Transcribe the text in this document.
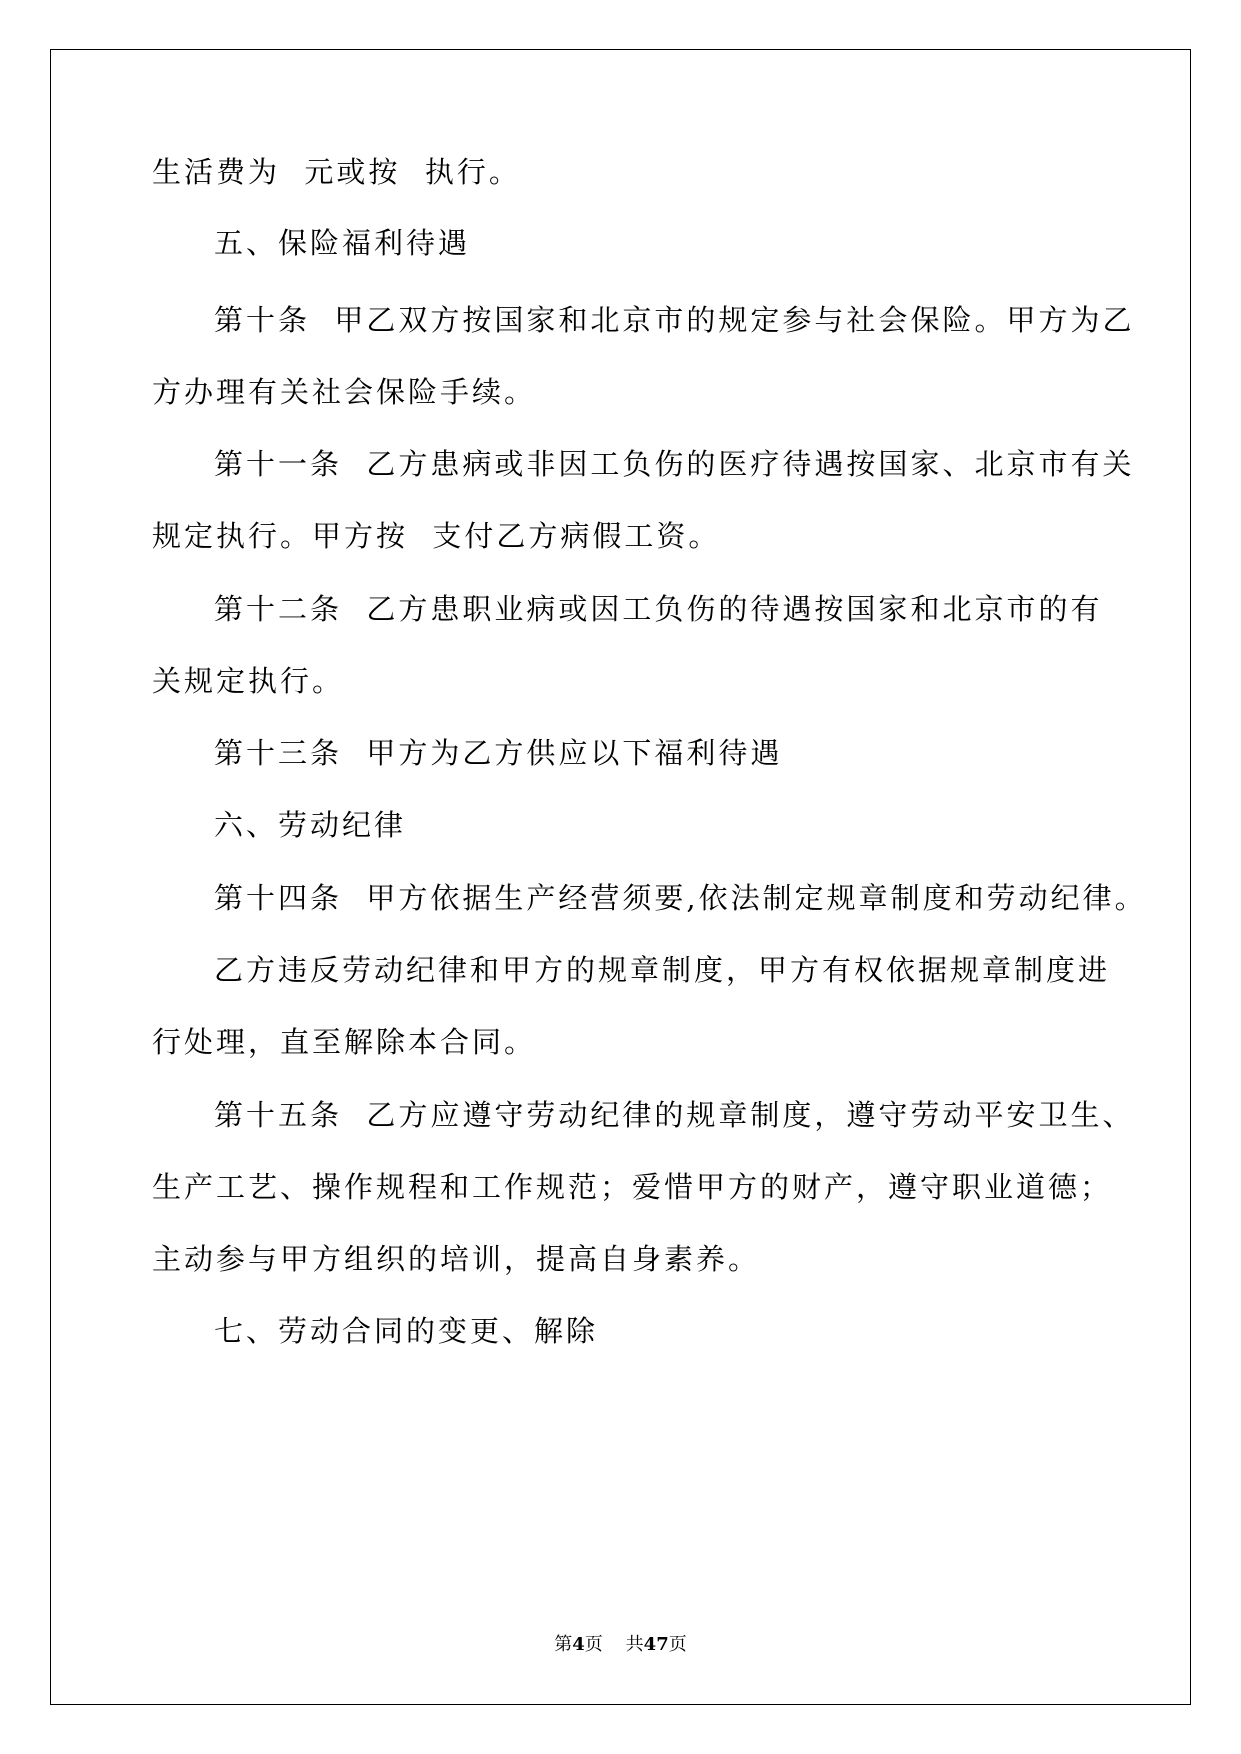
生活费为  元或按  执行。

五、保险福利待遇

第十条  甲乙双方按国家和北京市的规定参与社会保险。甲方为乙

方办理有关社会保险手续。

第十一条  乙方患病或非因工负伤的医疗待遇按国家、北京市有关

规定执行。甲方按  支付乙方病假工资。

第十二条  乙方患职业病或因工负伤的待遇按国家和北京市的有

关规定执行。

第十三条  甲方为乙方供应以下福利待遇

六、劳动纪律

第十四条  甲方依据生产经营须要,依法制定规章制度和劳动纪律。

乙方违反劳动纪律和甲方的规章制度，甲方有权依据规章制度进

行处理，直至解除本合同。

第十五条  乙方应遵守劳动纪律的规章制度，遵守劳动平安卫生、

生产工艺、操作规程和工作规范；爱惜甲方的财产，遵守职业道德；

主动参与甲方组织的培训，提高自身素养。

七、劳动合同的变更、解除

第4页 共47页
